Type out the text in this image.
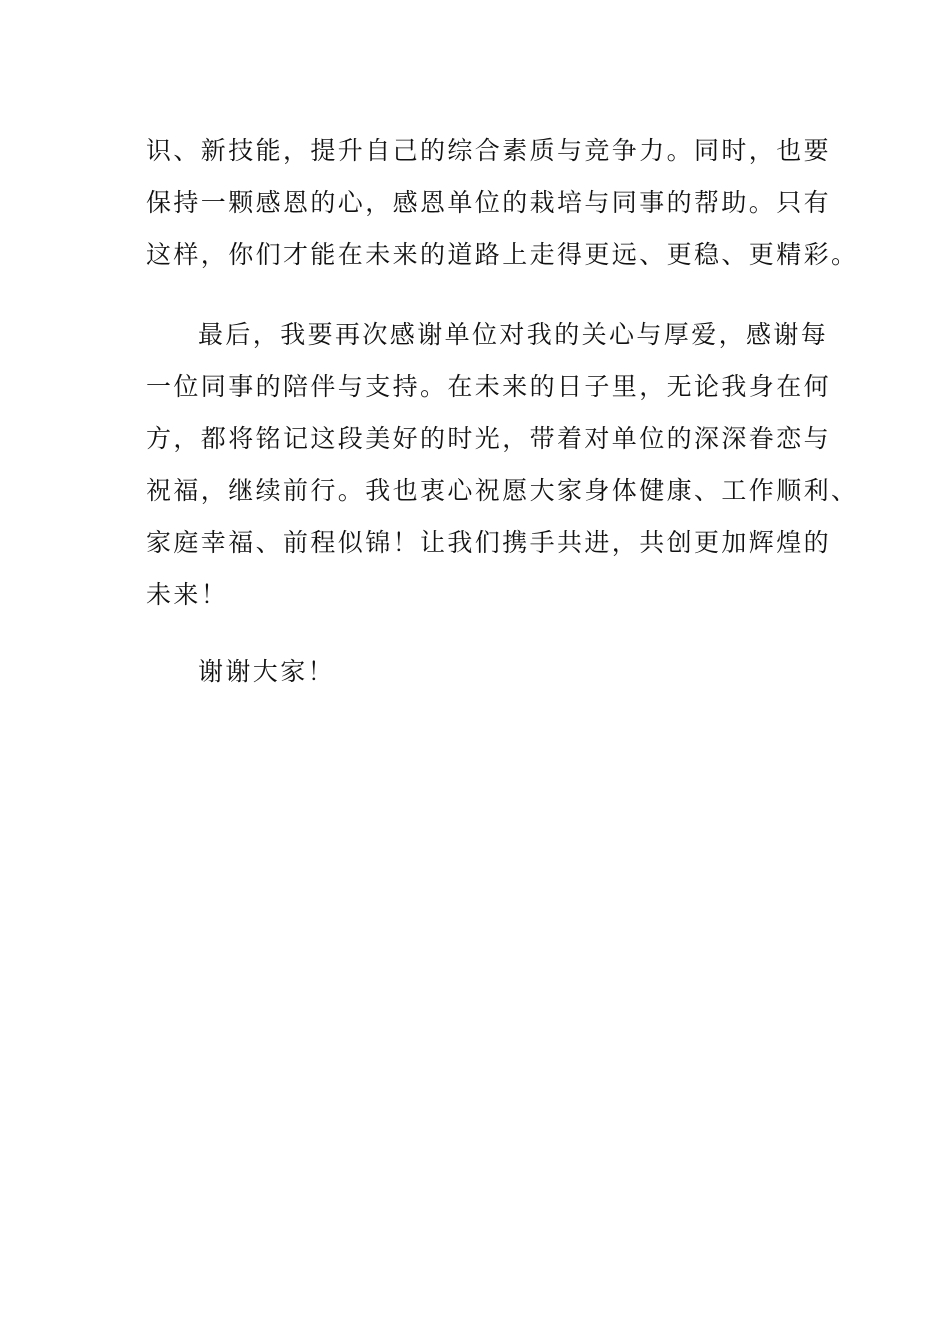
识、新技能，提升自己的综合素质与竞争力。同时，也要
保持一颗感恩的心，感恩单位的栽培与同事的帮助。只有
这样，你们才能在未来的道路上走得更远、更稳、更精彩。
最后，我要再次感谢单位对我的关心与厚爱，感谢每
一位同事的陪伴与支持。在未来的日子里，无论我身在何
方，都将铭记这段美好的时光，带着对单位的深深眷恋与
祝福，继续前行。我也衷心祝愿大家身体健康、工作顺利、
家庭幸福、前程似锦！让我们携手共进，共创更加辉煌的
未来！
谢谢大家！
